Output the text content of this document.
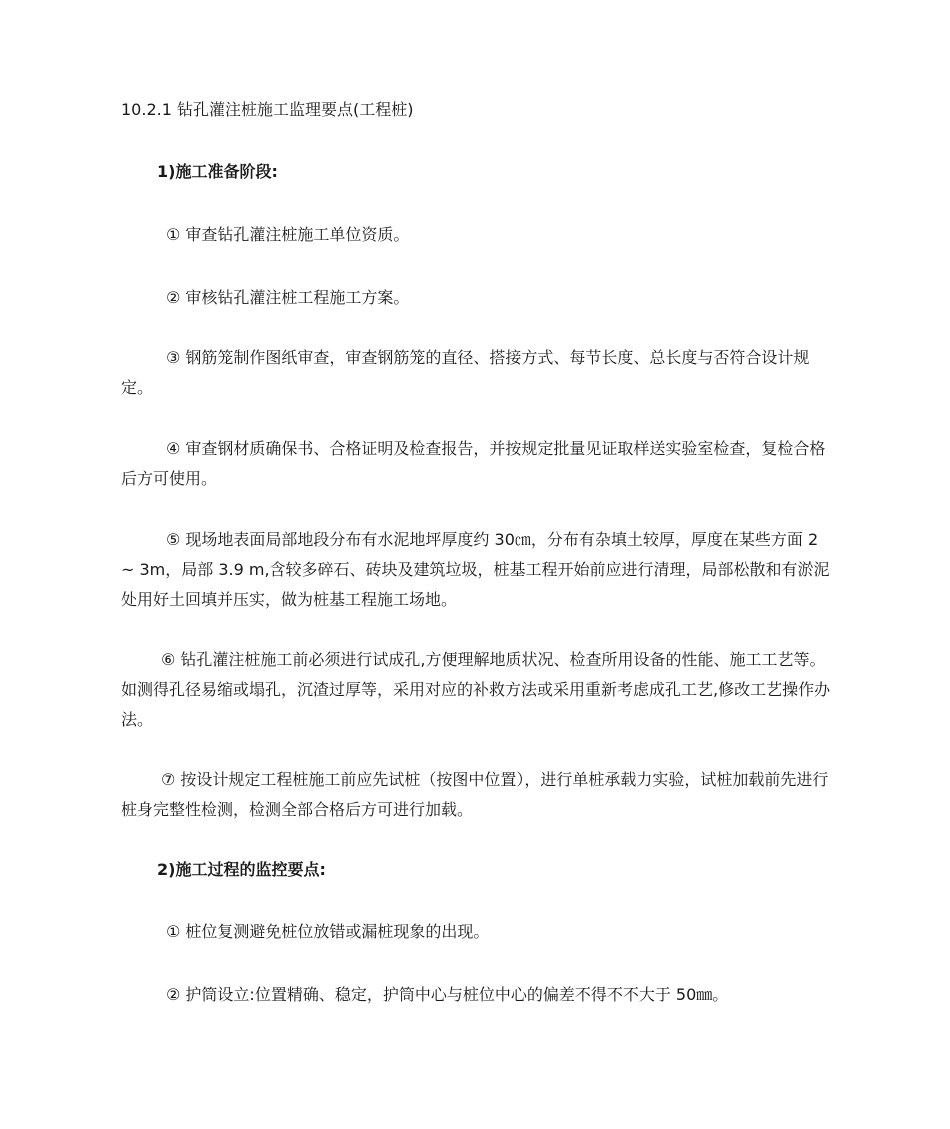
10.2.1 钻孔灌注桩施工监理要点(工程桩)
1)施工准备阶段:
① 审查钻孔灌注桩施工单位资质。
② 审核钻孔灌注桩工程施工方案。

③ 钢筋笼制作图纸审查，审查钢筋笼的直径、搭接方式、每节长度、总长度与否符合设计规定。

④ 审查钢材质确保书、合格证明及检查报告，并按规定批量见证取样送实验室检查，复检合格后方可使用。

⑤ 现场地表面局部地段分布有水泥地坪厚度约 30㎝，分布有杂填土较厚，厚度在某些方面 2 ~ 3m，局部 3.9 m,含较多碎石、砖块及建筑垃圾，桩基工程开始前应进行清理，局部松散和有淤泥处用好土回填并压实，做为桩基工程施工场地。

⑥ 钻孔灌注桩施工前必须进行试成孔,方便理解地质状况、检查所用设备的性能、施工工艺等。如测得孔径易缩或塌孔，沉渣过厚等，采用对应的补救方法或采用重新考虑成孔工艺,修改工艺操作办法。

⑦ 按设计规定工程桩施工前应先试桩（按图中位置），进行单桩承载力实验，试桩加载前先进行桩身完整性检测，检测全部合格后方可进行加载。

2)施工过程的监控要点:
① 桩位复测避免桩位放错或漏桩现象的出现。
② 护筒设立:位置精确、稳定，护筒中心与桩位中心的偏差不得不不大于 50㎜。
